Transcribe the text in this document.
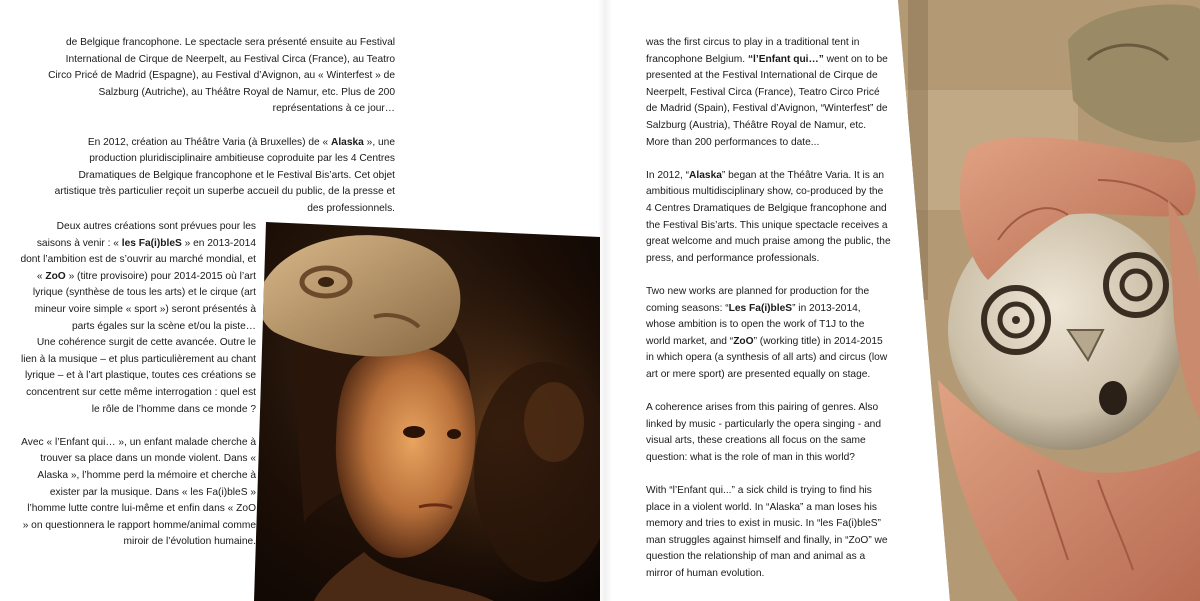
de Belgique francophone. Le spectacle sera présenté ensuite au Festival International de Cirque de Neerpelt, au Festival Circa (France), au Teatro Circo Pricé de Madrid (Espagne), au Festival d’Avignon, au « Winterfest » de Salzburg (Autriche), au Théâtre Royal de Namur, etc. Plus de 200 représentations à ce jour…

En 2012, création au Théâtre Varia (à Bruxelles) de « Alaska », une production pluridisciplinaire ambitieuse coproduite par les 4 Centres Dramatiques de Belgique francophone et le Festival Bis’arts. Cet objet artistique très particulier reçoit un superbe accueil du public, de la presse et des professionnels.

Deux autres créations sont prévues pour les saisons à venir : « les Fa(i)bleS » en 2013-2014 dont l’ambition est de s’ouvrir au marché mondial, et « ZoO » (titre provisoire) pour 2014-2015 où l’art lyrique (synthèse de tous les arts) et le cirque (art mineur voire simple « sport ») seront présentés à parts égales sur la scène et/ou la piste…

Une cohérence surgit de cette avancée. Outre le lien à la musique – et plus particulièrement au chant lyrique – et à l’art plastique, toutes ces créations se concentrent sur cette même interrogation : quel est le rôle de l’homme dans ce monde ?

Avec « l’Enfant qui… », un enfant malade cherche à trouver sa place dans un monde violent. Dans « Alaska », l’homme perd la mémoire et cherche à exister par la musique. Dans « les Fa(i)bleS » l’homme lutte contre lui-même et enfin dans « ZoO » on questionnera le rapport homme/animal comme miroir de l’évolution humaine.

was the first circus to play in a traditional tent in francophone Belgium. “l’Enfant qui…” went on to be presented at the Festival International de Cirque de Neerpelt, Festival Circa (France), Teatro Circo Pricé de Madrid (Spain), Festival d’Avignon, “Winterfest” de Salzburg (Austria), Théâtre Royal de Namur, etc. More than 200 performances to date...

In 2012, “Alaska” began at the Théâtre Varia. It is an ambitious multidisciplinary show, co-produced by the 4 Centres Dramatiques de Belgique francophone and the Festival Bis’arts. This unique spectacle receives a great welcome and much praise among the public, the press, and performance professionals.

Two new works are planned for production for the coming seasons: “Les Fa(i)bleS” in 2013-2014, whose ambition is to open the work of T1J to the world market, and “ZoO” (working title) in 2014-2015 in which opera (a synthesis of all arts) and circus (low art or mere sport) are presented equally on stage.

A coherence arises from this pairing of genres. Also linked by music - particularly the opera singing - and visual arts, these creations all focus on the same question: what is the role of man in this world?

With “l’Enfant qui...” a sick child is trying to find his place in a violent world. In “Alaska” a man loses his memory and tries to exist in music. In “les Fa(i)bleS” man struggles against himself and finally, in “ZoO” we question the relationship of man and animal as a mirror of human evolution.
